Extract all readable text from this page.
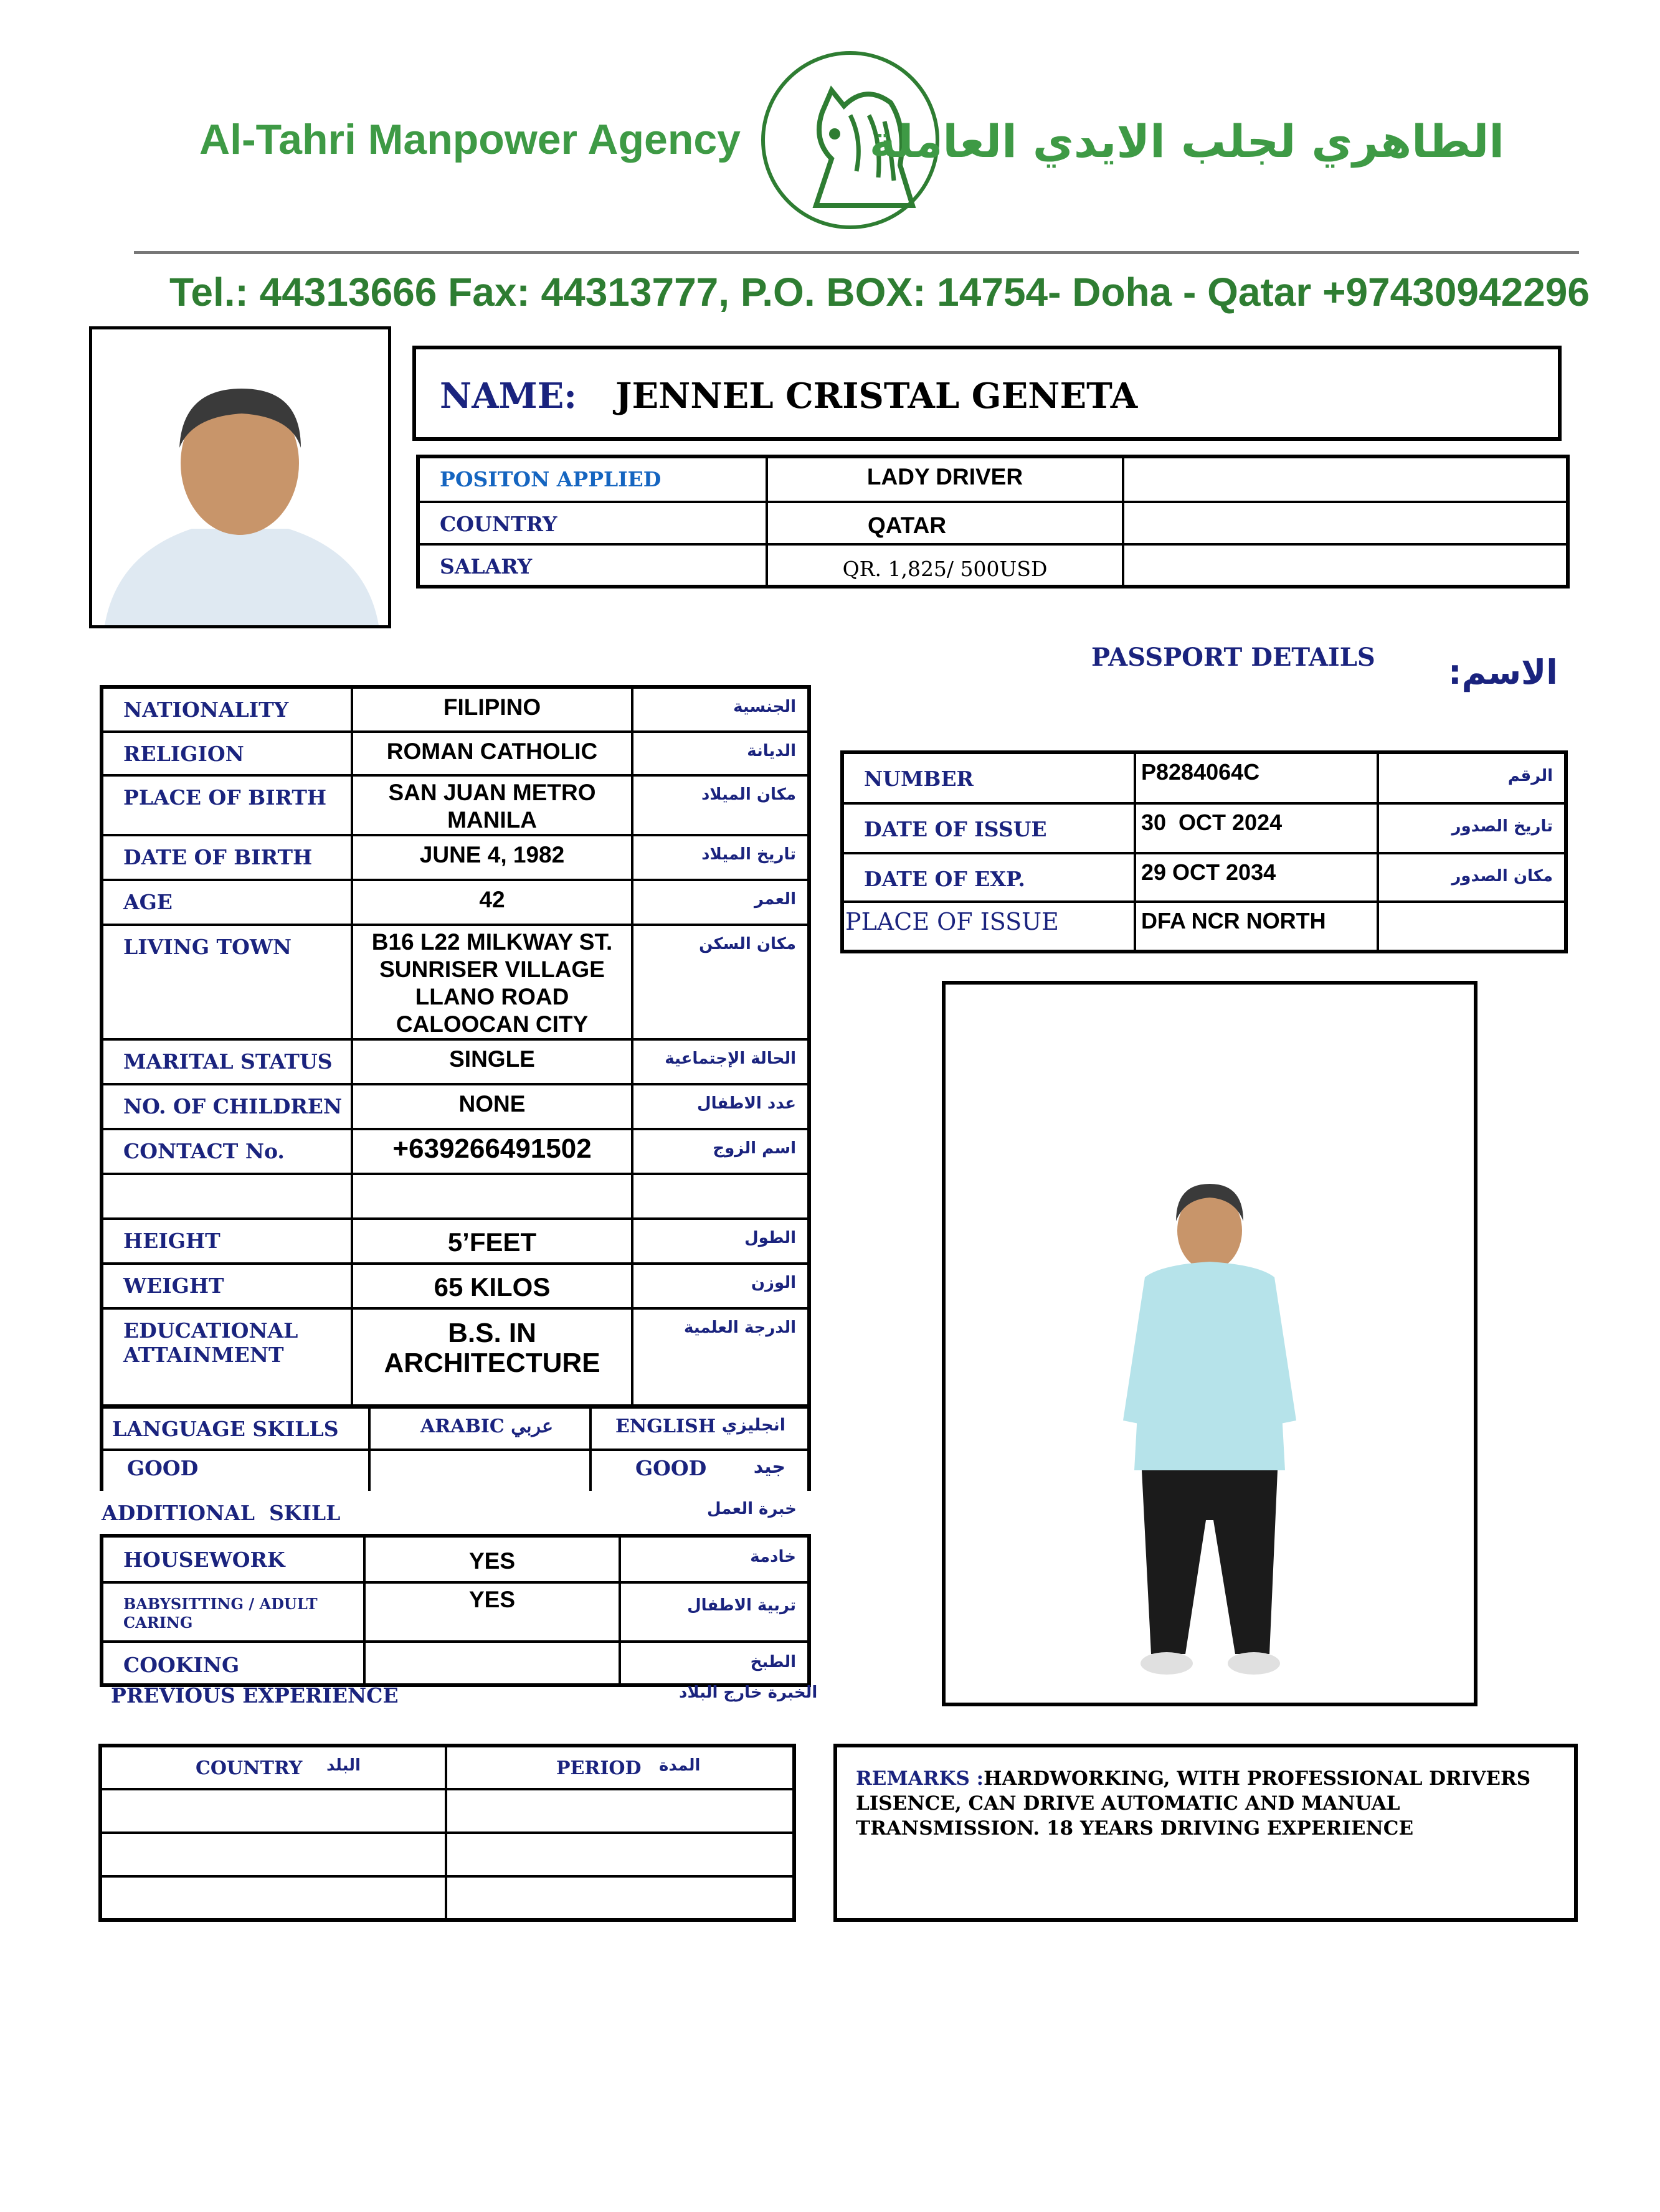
Al-Tahri Manpower Agency	الطاهري لجلب الايدي العاملة
Tel.: 44313666 Fax: 44313777, P.O. BOX: 14754- Doha - Qatar +97430942296
NAME: JENNEL CRISTAL GENETA
POSITON APPLIED	LADY DRIVER	

COUNTRY	QATAR	

SALARY	QR. 1,825/ 500USD	

PASSPORT DETAILS الاسم:
NATIONALITY	FILIPINO	الجنسية

RELIGION	ROMAN CATHOLIC	الديانة

PLACE OF BIRTH	SAN JUAN METRO MANILA	مكان الميلاد

DATE OF BIRTH	JUNE 4, 1982	تاريخ الميلاد

AGE	42	العمر

LIVING TOWN	B16 L22 MILKWAY ST. SUNRISER VILLAGE LLANO ROAD CALOOCAN CITY	مكان السكن

MARITAL STATUS	SINGLE	الحالة الإجتماعية

NO. OF CHILDREN	NONE	عدد الاطفال

CONTACT No.	+639266491502	اسم الزوج

HEIGHT	5’FEET	الطول

WEIGHT	65 KILOS	الوزن

EDUCATIONAL ATTAINMENT	B.S. IN ARCHITECTURE	الدرجة العلمية
NUMBER	P8284064C	الرقم

DATE OF ISSUE	30  OCT 2024	تاريخ الصدور

DATE OF EXP.	29 OCT 2034	مكان الصدور

PLACE OF ISSUE	DFA NCR NORTH	

LANGUAGE SKILLS	ARABIC عربي	ENGLISH انجليزي

GOOD		GOOD جيد
ADDITIONAL  SKILL	خبرة العمل
HOUSEWORK	YES	خادمة

BABYSITTING / ADULT CARING	YES	تربية الاطفال

COOKING		الطبخ
PREVIOUS EXPERIENCE	الخبرة خارج البلاد
COUNTRY البلد	PERIOD المدة

REMARKS :HARDWORKING, WITH PROFESSIONAL DRIVERS LISENCE, CAN DRIVE AUTOMATIC AND MANUAL TRANSMISSION. 18 YEARS DRIVING EXPERIENCE
